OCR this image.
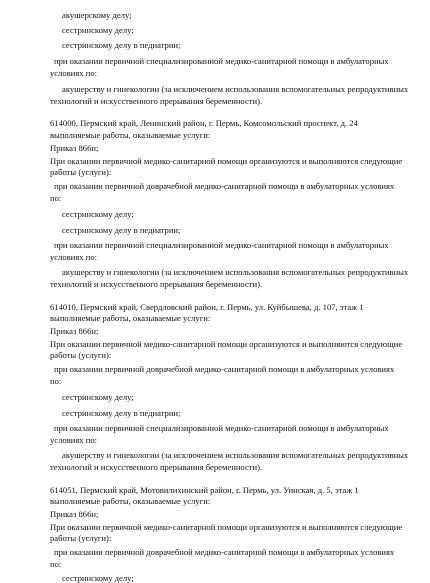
акушерскому делу;
сестринскому делу;
сестринскому делу в педиатрии;
при оказании первичной специализированной медико-санитарной помощи в амбулаторных
условиях по:
акушерству и гинекологии (за исключением использования вспомогательных репродуктивных
технологий и искусственного прерывания беременности).
614000, Пермский край, Ленинский район, г. Пермь, Комсомольский проспект, д. 24
выполняемые работы, оказываемые услуги:
Приказ 866н;
При оказании первичной медико-санитарной помощи организуются и выполняются следующие
работы (услуги):
при оказании первичной доврачебной медико-санитарной помощи в амбулаторных условиях
по:
сестринскому делу;
сестринскому делу в педиатрии;
при оказании первичной специализированной медико-санитарной помощи в амбулаторных
условиях по:
акушерству и гинекологии (за исключением использования вспомогательных репродуктивных
технологий и искусственного прерывания беременности).
614010, Пермский край, Свердловский район, г. Пермь, ул. Куйбышева, д. 107, этаж 1
выполняемые работы, оказываемые услуги:
Приказ 866н;
При оказании первичной медико-санитарной помощи организуются и выполняются следующие
работы (услуги):
при оказании первичной доврачебной медико-санитарной помощи в амбулаторных условиях
по:
сестринскому делу;
сестринскому делу в педиатрии;
при оказании первичной специализированной медико-санитарной помощи в амбулаторных
условиях по:
акушерству и гинекологии (за исключением использования вспомогательных репродуктивных
технологий и искусственного прерывания беременности).
614051, Пермский край, Мотовилихинский район, г. Пермь, ул. Уинская, д. 5, этаж 1
выполняемые работы, оказываемые услуги:
Приказ 866н;
При оказании первичной медико-санитарной помощи организуются и выполняются следующие
работы (услуги):
при оказании первичной доврачебной медико-санитарной помощи в амбулаторных условиях
по:
сестринскому делу;
